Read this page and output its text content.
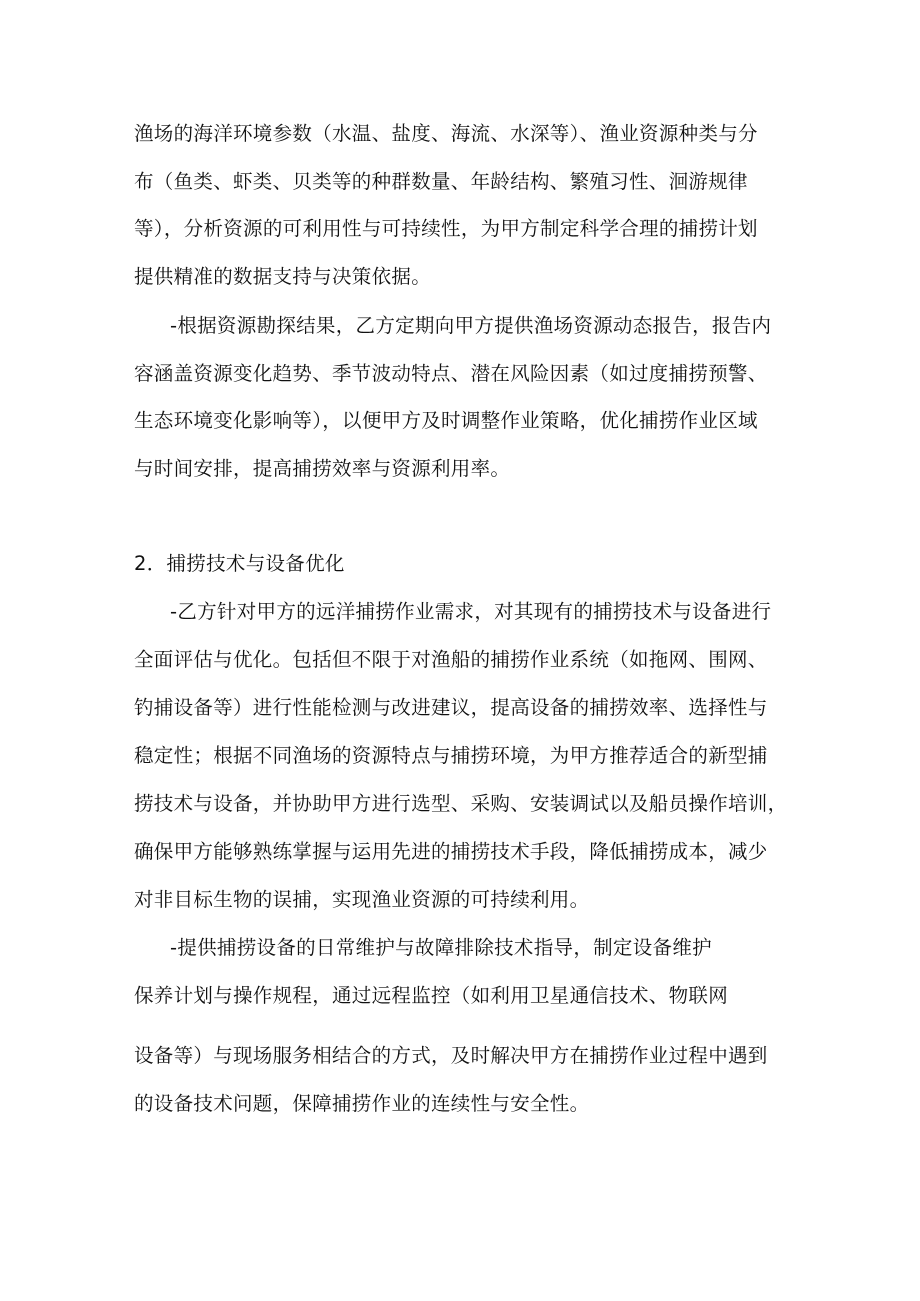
渔场的海洋环境参数（水温、盐度、海流、水深等）、渔业资源种类与分

布（鱼类、虾类、贝类等的种群数量、年龄结构、繁殖习性、洄游规律

等），分析资源的可利用性与可持续性，为甲方制定科学合理的捕捞计划

提供精准的数据支持与决策依据。

-根据资源勘探结果，乙方定期向甲方提供渔场资源动态报告，报告内

容涵盖资源变化趋势、季节波动特点、潜在风险因素（如过度捕捞预警、

生态环境变化影响等），以便甲方及时调整作业策略，优化捕捞作业区域

与时间安排，提高捕捞效率与资源利用率。

2．捕捞技术与设备优化

-乙方针对甲方的远洋捕捞作业需求，对其现有的捕捞技术与设备进行

全面评估与优化。包括但不限于对渔船的捕捞作业系统（如拖网、围网、

钓捕设备等）进行性能检测与改进建议，提高设备的捕捞效率、选择性与

稳定性；根据不同渔场的资源特点与捕捞环境，为甲方推荐适合的新型捕

捞技术与设备，并协助甲方进行选型、采购、安装调试以及船员操作培训，

确保甲方能够熟练掌握与运用先进的捕捞技术手段，降低捕捞成本，减少

对非目标生物的误捕，实现渔业资源的可持续利用。

-提供捕捞设备的日常维护与故障排除技术指导，制定设备维护

保养计划与操作规程，通过远程监控（如利用卫星通信技术、物联网

设备等）与现场服务相结合的方式，及时解决甲方在捕捞作业过程中遇到

的设备技术问题，保障捕捞作业的连续性与安全性。
